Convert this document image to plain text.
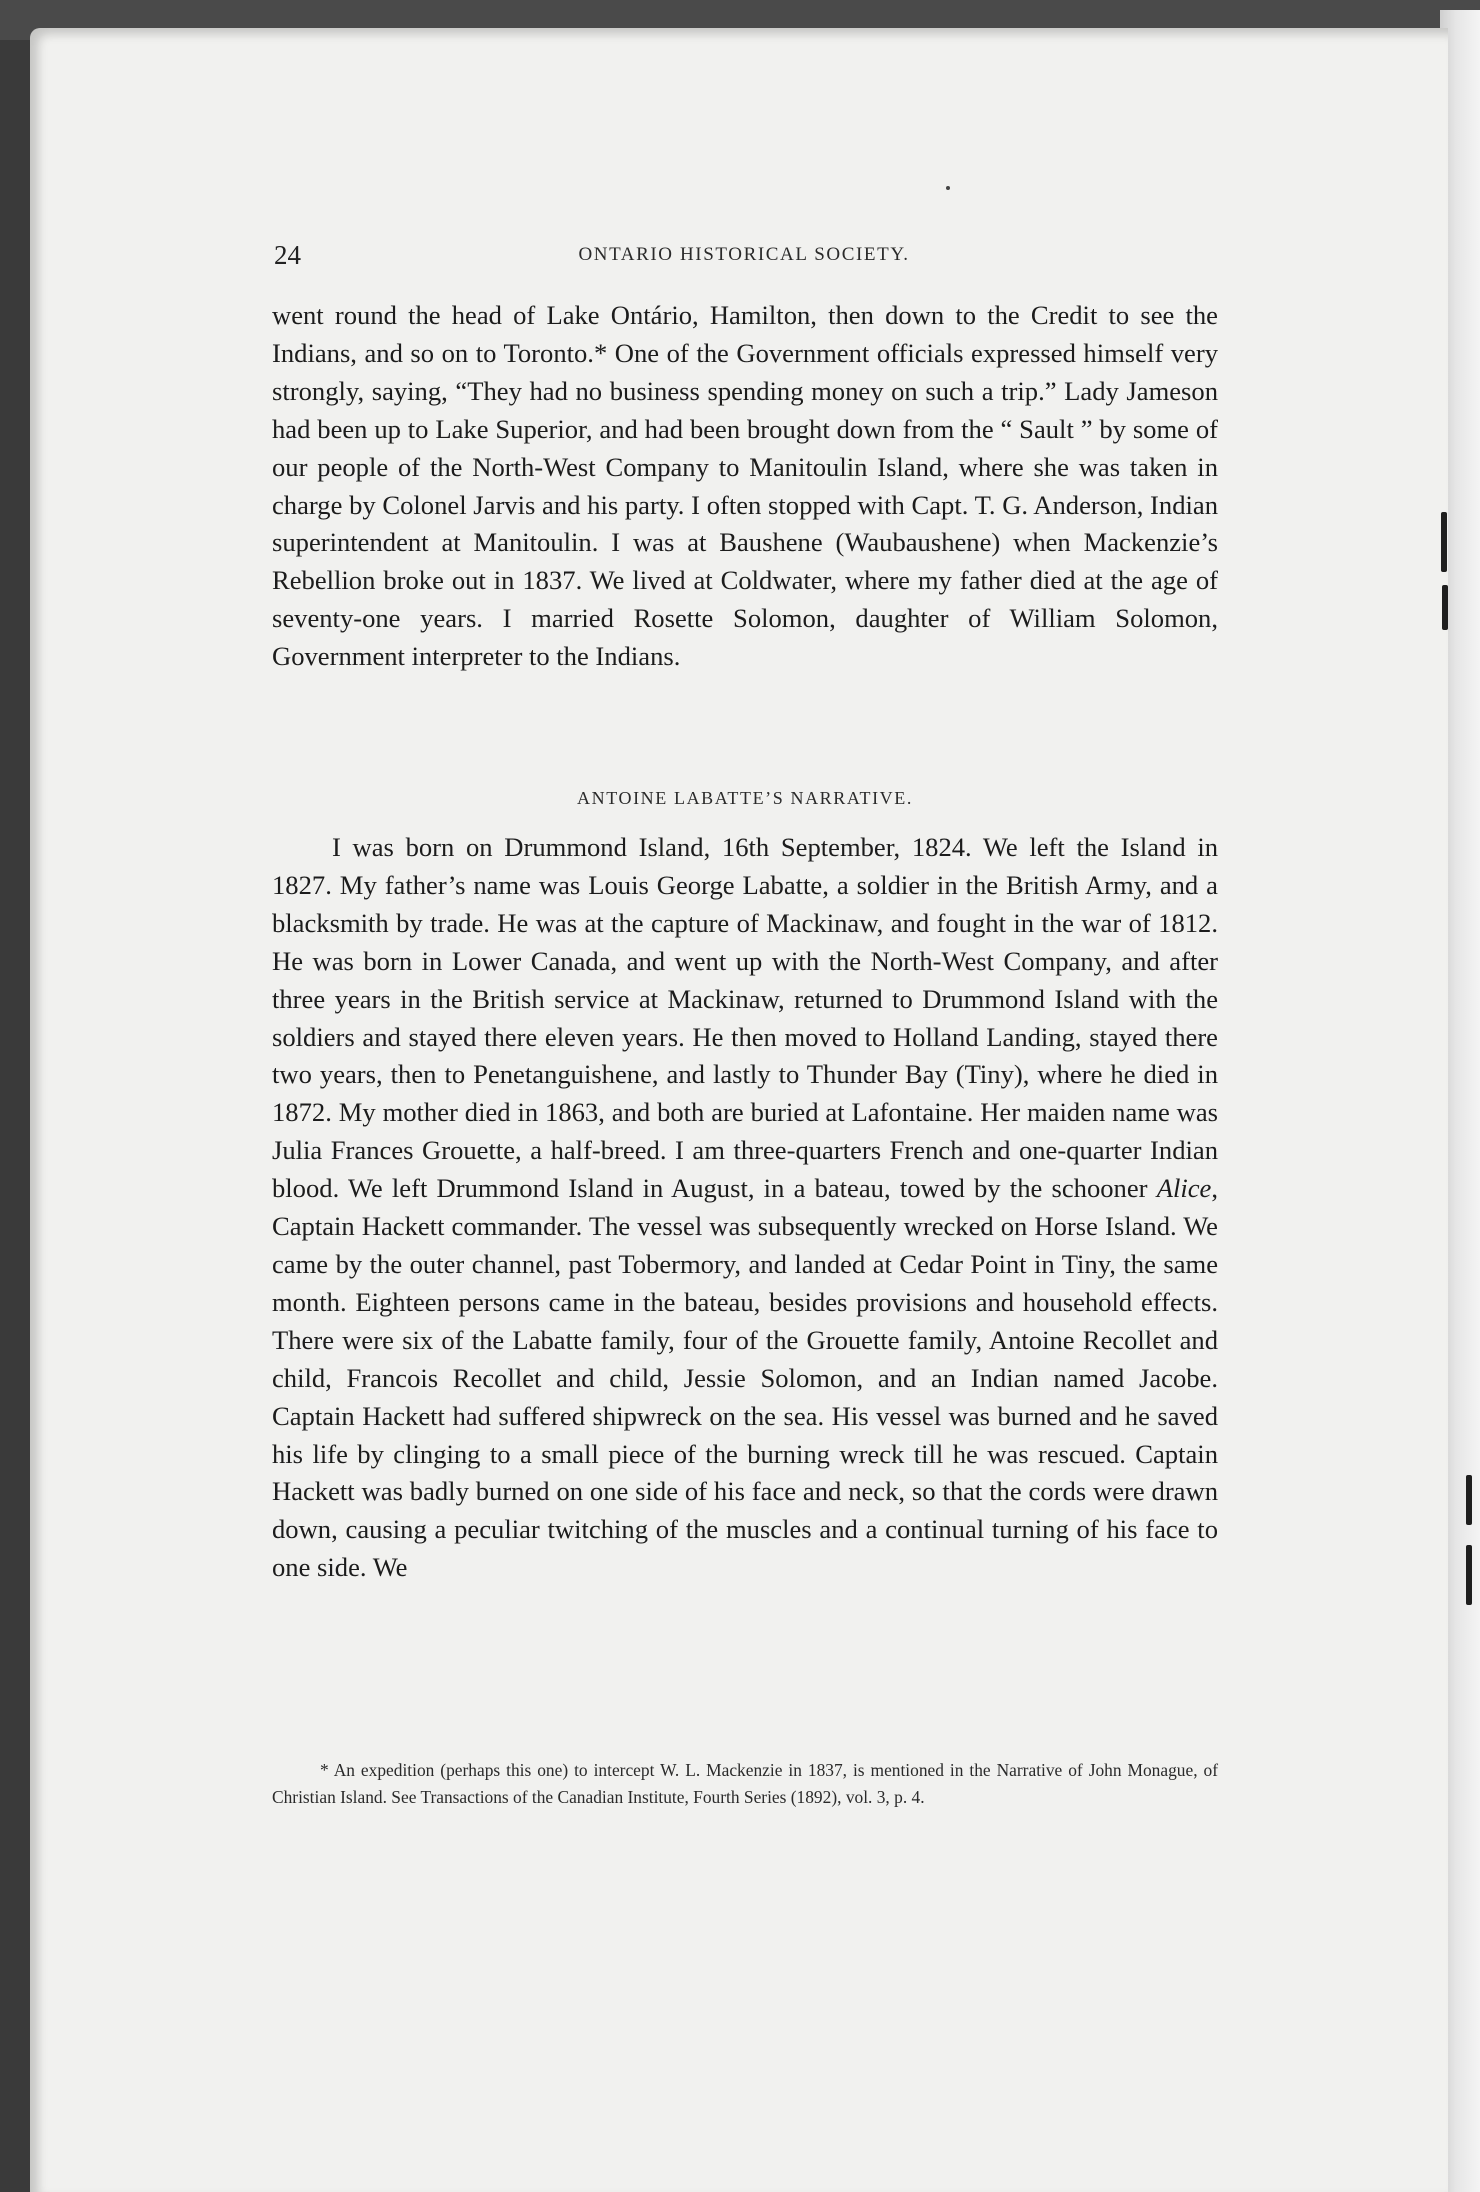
24	ONTARIO HISTORICAL SOCIETY.
went round the head of Lake Ontário, Hamilton, then down to the Credit to see the Indians, and so on to Toronto.* One of the Government officials expressed himself very strongly, saying, “They had no business spending money on such a trip.” Lady Jameson had been up to Lake Superior, and had been brought down from the “ Sault ” by some of our people of the North-West Company to Manitoulin Island, where she was taken in charge by Colonel Jarvis and his party. I often stopped with Capt. T. G. Anderson, Indian superintendent at Manitoulin. I was at Baushene (Waubaushene) when Mackenzie’s Rebellion broke out in 1837. We lived at Coldwater, where my father died at the age of seventy-one years. I married Rosette Solomon, daughter of William Solomon, Government interpreter to the Indians.
ANTOINE LABATTE’S NARRATIVE.
I was born on Drummond Island, 16th September, 1824. We left the Island in 1827. My father’s name was Louis George Labatte, a soldier in the British Army, and a blacksmith by trade. He was at the capture of Mackinaw, and fought in the war of 1812. He was born in Lower Canada, and went up with the North-West Company, and after three years in the British service at Mackinaw, returned to Drummond Island with the soldiers and stayed there eleven years. He then moved to Holland Landing, stayed there two years, then to Penetanguishene, and lastly to Thunder Bay (Tiny), where he died in 1872. My mother died in 1863, and both are buried at Lafontaine. Her maiden name was Julia Frances Grouette, a half-breed. I am three-quarters French and one-quarter Indian blood. We left Drummond Island in August, in a bateau, towed by the schooner Alice, Captain Hackett commander. The vessel was subsequently wrecked on Horse Island. We came by the outer channel, past Tobermory, and landed at Cedar Point in Tiny, the same month. Eighteen persons came in the bateau, besides provisions and household effects. There were six of the Labatte family, four of the Grouette family, Antoine Recollet and child, Francois Recollet and child, Jessie Solomon, and an Indian named Jacobe. Captain Hackett had suffered shipwreck on the sea. His vessel was burned and he saved his life by clinging to a small piece of the burning wreck till he was rescued. Captain Hackett was badly burned on one side of his face and neck, so that the cords were drawn down, causing a peculiar twitching of the muscles and a continual turning of his face to one side. We
* An expedition (perhaps this one) to intercept W. L. Mackenzie in 1837, is mentioned in the Narrative of John Monague, of Christian Island. See Transactions of the Canadian Institute, Fourth Series (1892), vol. 3, p. 4.
